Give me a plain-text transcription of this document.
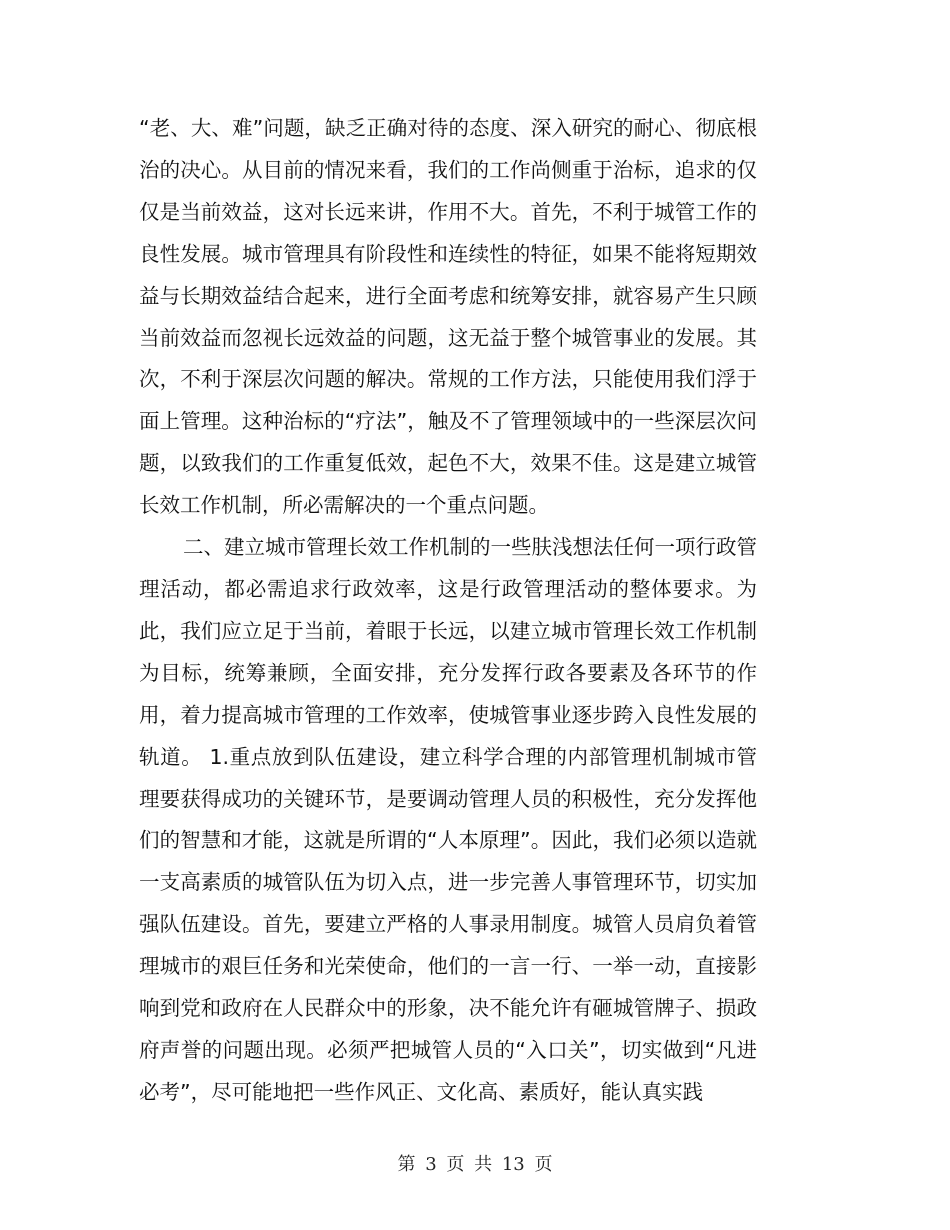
“老、大、难”问题，缺乏正确对待的态度、深入研究的耐心、彻底根治的决心。从目前的情况来看，我们的工作尚侧重于治标，追求的仅仅是当前效益，这对长远来讲，作用不大。首先，不利于城管工作的良性发展。城市管理具有阶段性和连续性的特征，如果不能将短期效益与长期效益结合起来，进行全面考虑和统筹安排，就容易产生只顾当前效益而忽视长远效益的问题，这无益于整个城管事业的发展。其次，不利于深层次问题的解决。常规的工作方法，只能使用我们浮于面上管理。这种治标的“疗法”，触及不了管理领域中的一些深层次问题，以致我们的工作重复低效，起色不大，效果不佳。这是建立城管长效工作机制，所必需解决的一个重点问题。

二、建立城市管理长效工作机制的一些肤浅想法任何一项行政管理活动，都必需追求行政效率，这是行政管理活动的整体要求。为此，我们应立足于当前，着眼于长远，以建立城市管理长效工作机制为目标，统筹兼顾，全面安排，充分发挥行政各要素及各环节的作用，着力提高城市管理的工作效率，使城管事业逐步跨入良性发展的轨道。 1.重点放到队伍建设，建立科学合理的内部管理机制城市管理要获得成功的关键环节，是要调动管理人员的积极性，充分发挥他们的智慧和才能，这就是所谓的“人本原理”。因此，我们必须以造就一支高素质的城管队伍为切入点，进一步完善人事管理环节，切实加强队伍建设。首先，要建立严格的人事录用制度。城管人员肩负着管理城市的艰巨任务和光荣使命，他们的一言一行、一举一动，直接影响到党和政府在人民群众中的形象，决不能允许有砸城管牌子、损政府声誉的问题出现。必须严把城管人员的“入口关”，切实做到“凡进必考”，尽可能地把一些作风正、文化高、素质好，能认真实践

第 3 页 共 13 页
